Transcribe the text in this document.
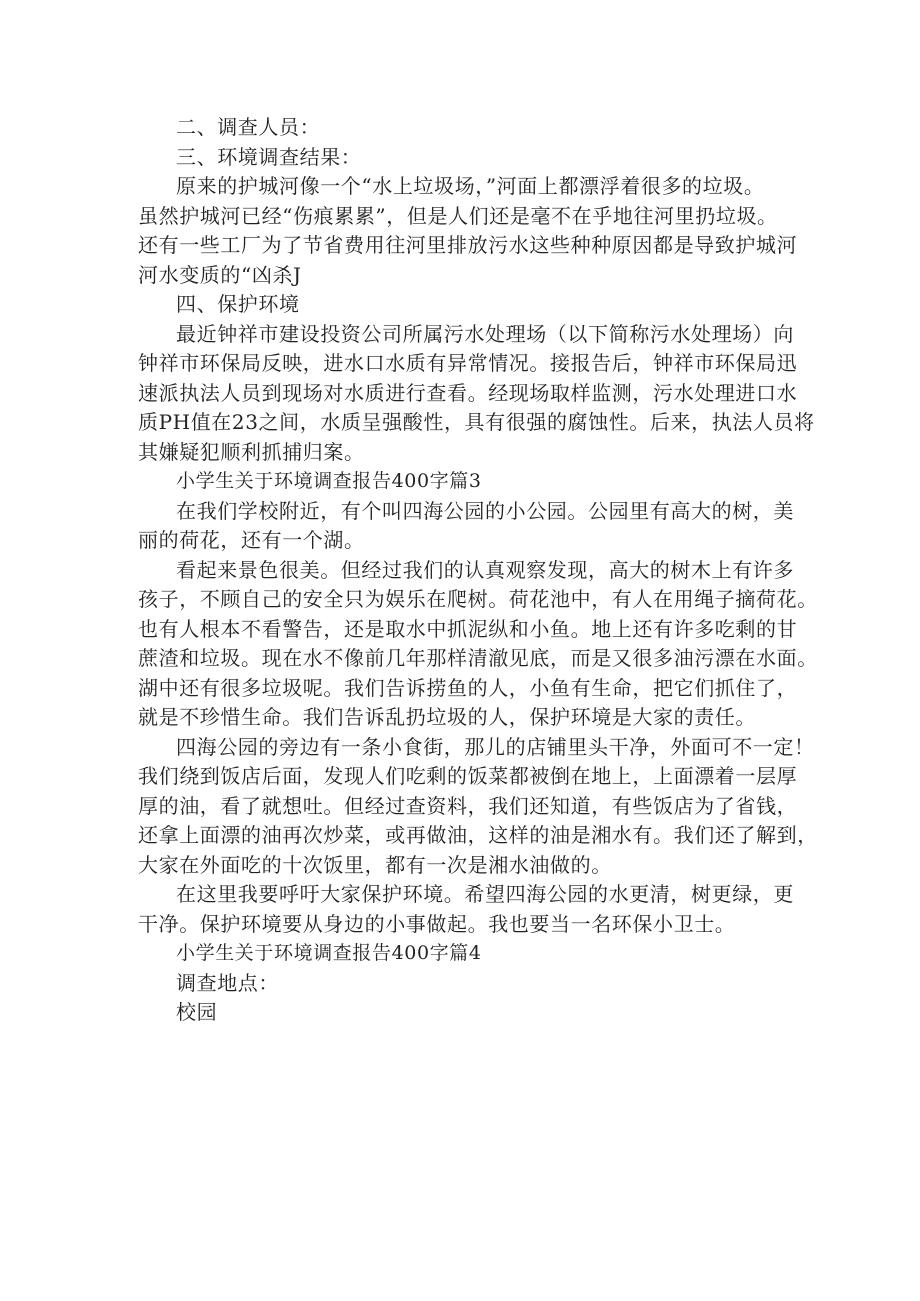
二、调查人员：
三、环境调查结果：
原来的护城河像一个“水上垃圾场，”河面上都漂浮着很多的垃圾。
虽然护城河已经“伤痕累累”，但是人们还是毫不在乎地往河里扔垃圾。
还有一些工厂为了节省费用往河里排放污水这些种种原因都是导致护城河
河水变质的“凶杀J
四、保护环境
最近钟祥市建设投资公司所属污水处理场（以下简称污水处理场）向
钟祥市环保局反映，进水口水质有异常情况。接报告后，钟祥市环保局迅
速派执法人员到现场对水质进行查看。经现场取样监测，污水处理进口水
质PH值在23之间，水质呈强酸性，具有很强的腐蚀性。后来，执法人员将
其嫌疑犯顺利抓捕归案。
小学生关于环境调查报告400字篇3
在我们学校附近，有个叫四海公园的小公园。公园里有高大的树，美
丽的荷花，还有一个湖。
看起来景色很美。但经过我们的认真观察发现，高大的树木上有许多
孩子，不顾自己的安全只为娱乐在爬树。荷花池中，有人在用绳子摘荷花。
也有人根本不看警告，还是取水中抓泥纵和小鱼。地上还有许多吃剩的甘
蔗渣和垃圾。现在水不像前几年那样清澈见底，而是又很多油污漂在水面。
湖中还有很多垃圾呢。我们告诉捞鱼的人，小鱼有生命，把它们抓住了，
就是不珍惜生命。我们告诉乱扔垃圾的人，保护环境是大家的责任。
四海公园的旁边有一条小食街，那儿的店铺里头干净，外面可不一定！
我们绕到饭店后面，发现人们吃剩的饭菜都被倒在地上，上面漂着一层厚
厚的油，看了就想吐。但经过查资料，我们还知道，有些饭店为了省钱，
还拿上面漂的油再次炒菜，或再做油，这样的油是湘水有。我们还了解到，
大家在外面吃的十次饭里，都有一次是湘水油做的。
在这里我要呼吁大家保护环境。希望四海公园的水更清，树更绿，更
干净。保护环境要从身边的小事做起。我也要当一名环保小卫士。
小学生关于环境调查报告400字篇4
调查地点：
校园
